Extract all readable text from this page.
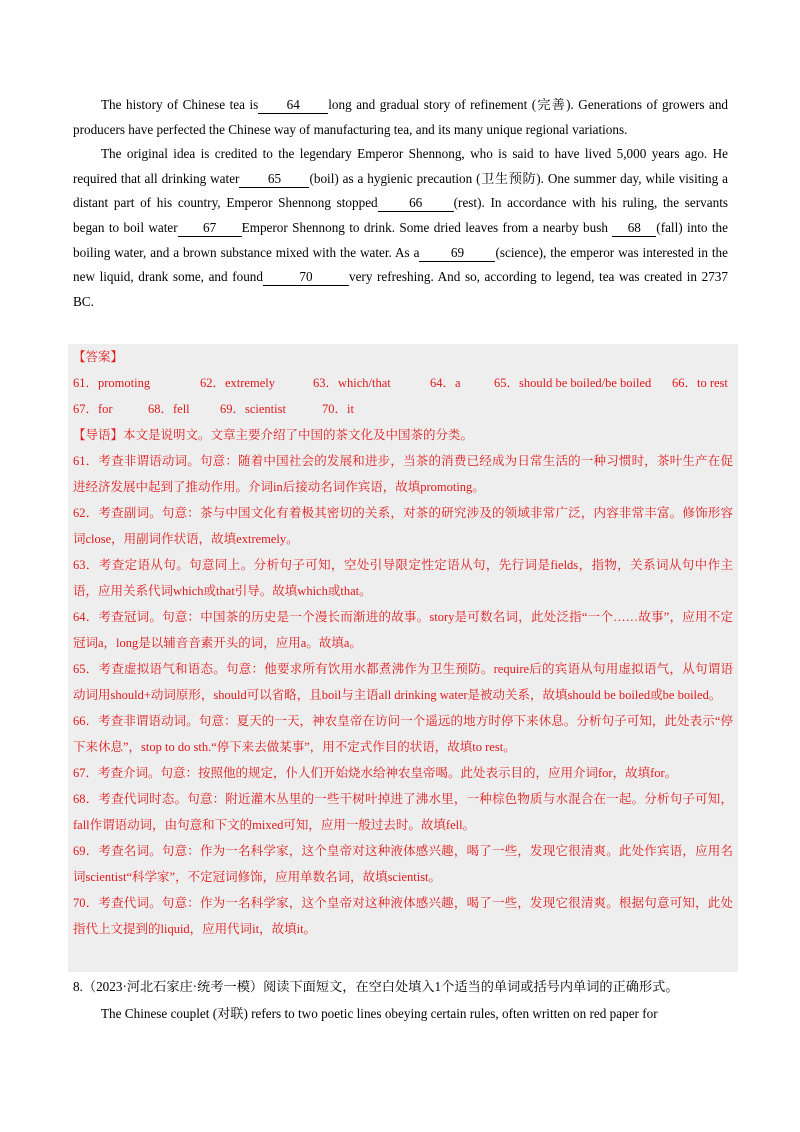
The history of Chinese tea is 64 long and gradual story of refinement (完善). Generations of growers and producers have perfected the Chinese way of manufacturing tea, and its many unique regional variations.

The original idea is credited to the legendary Emperor Shennong, who is said to have lived 5,000 years ago. He required that all drinking water 65 (boil) as a hygienic precaution (卫生预防). One summer day, while visiting a distant part of his country, Emperor Shennong stopped 66 (rest). In accordance with his ruling, the servants began to boil water 67 Emperor Shennong to drink. Some dried leaves from a nearby bush 68 (fall) into the boiling water, and a brown substance mixed with the water. As a 69 (science), the emperor was interested in the new liquid, drank some, and found	70	very refreshing. And so, according to legend, tea was created in 2737 BC.

【答案】
61．promoting	62．extremely	63．which/that	64．a	65．should be boiled/be boiled	66．to rest
67．for	68．fell	69．scientist	70．it
【导语】本文是说明文。文章主要介绍了中国的茶文化及中国茶的分类。
61．考查非谓语动词。句意：随着中国社会的发展和进步，当茶的消费已经成为日常生活的一种习惯时，茶叶生产在促进经济发展中起到了推动作用。介词in后接动名词作宾语，故填promoting。
62．考查副词。句意：茶与中国文化有着极其密切的关系，对茶的研究涉及的领域非常广泛，内容非常丰富。修饰形容词close，用副词作状语，故填extremely。
63．考查定语从句。句意同上。分析句子可知，空处引导限定性定语从句，先行词是fields，指物，关系词从句中作主语，应用关系代词which或that引导。故填which或that。
64．考查冠词。句意：中国茶的历史是一个漫长而渐进的故事。story是可数名词，此处泛指“一个……故事”，应用不定冠词a，long是以辅音音素开头的词，应用a。故填a。
65．考查虚拟语气和语态。句意：他要求所有饮用水都煮沸作为卫生预防。require后的宾语从句用虚拟语气，从句谓语动词用should+动词原形，should可以省略，且boil与主语all drinking water是被动关系，故填should be boiled或be boiled。
66．考查非谓语动词。句意：夏天的一天，神农皇帝在访问一个遥远的地方时停下来休息。分析句子可知，此处表示“停下来休息”，stop to do sth.“停下来去做某事”，用不定式作目的状语，故填to rest。
67．考查介词。句意：按照他的规定，仆人们开始烧水给神农皇帝喝。此处表示目的，应用介词for，故填for。
68．考查代词时态。句意：附近灌木丛里的一些干树叶掉进了沸水里，一种棕色物质与水混合在一起。分析句子可知，fall作谓语动词，由句意和下文的mixed可知，应用一般过去时。故填fell。
69．考查名词。句意：作为一名科学家，这个皇帝对这种液体感兴趣，喝了一些，发现它很清爽。此处作宾语，应用名词scientist“科学家”，不定冠词修饰，应用单数名词，故填scientist。
70．考查代词。句意：作为一名科学家，这个皇帝对这种液体感兴趣，喝了一些，发现它很清爽。根据句意可知，此处指代上文提到的liquid，应用代词it，故填it。

8.（2023·河北石家庄·统考一模）阅读下面短文，在空白处填入1个适当的单词或括号内单词的正确形式。

The Chinese couplet (对联) refers to two poetic lines obeying certain rules, often written on red paper for
